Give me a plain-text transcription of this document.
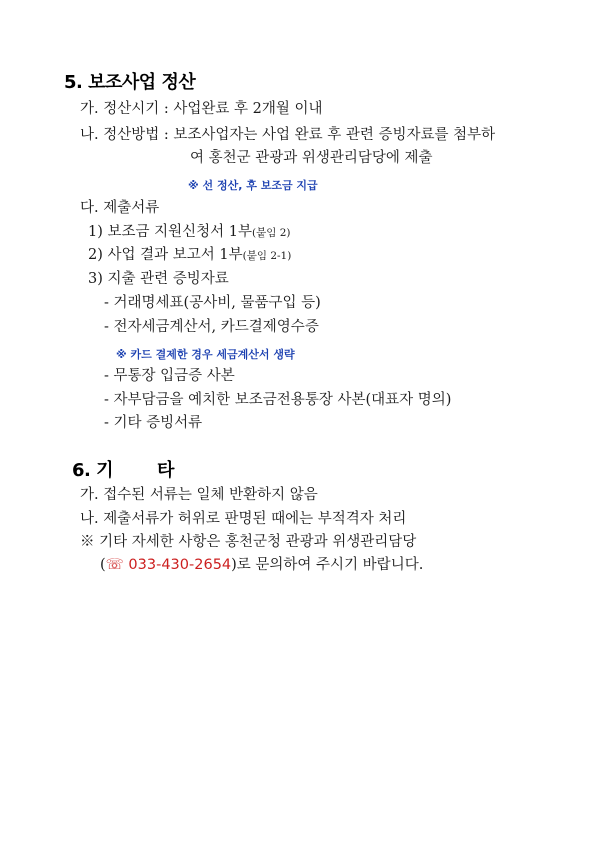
5. 보조사업 정산
가. 정산시기 : 사업완료 후 2개월 이내
나. 정산방법 : 보조사업자는 사업 완료 후 관련 증빙자료를 첨부하
여 홍천군 관광과 위생관리담당에 제출
※ 선 정산, 후 보조금 지급
다. 제출서류
1) 보조금 지원신청서 1부(붙임 2)
2) 사업 결과 보고서 1부(붙임 2-1)
3) 지출 관련 증빙자료
- 거래명세표(공사비, 물품구입 등)
- 전자세금계산서, 카드결제영수증
※ 카드 결제한 경우 세금계산서 생략
- 무통장 입금증 사본
- 자부담금을 예치한 보조금전용통장 사본(대표자 명의)
- 기타 증빙서류
6. 기 타
가. 접수된 서류는 일체 반환하지 않음
나. 제출서류가 허위로 판명된 때에는 부적격자 처리
※ 기타 자세한 사항은 홍천군청 관광과 위생관리담당
(☏ 033-430-2654)로 문의하여 주시기 바랍니다.
